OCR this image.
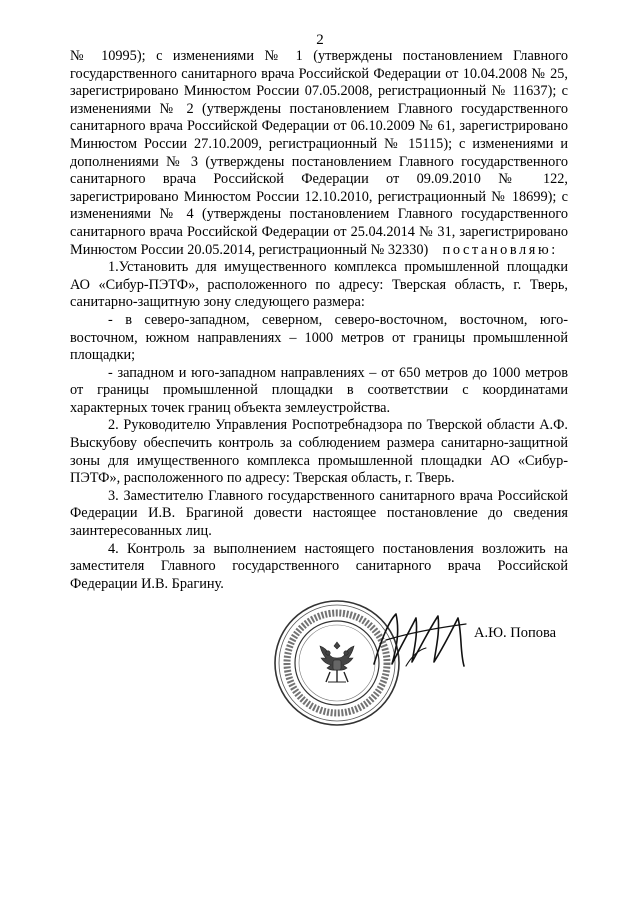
2

№ 10995); с изменениями № 1 (утверждены постановлением Главного государственного санитарного врача Российской Федерации от 10.04.2008 № 25, зарегистрировано Минюстом России 07.05.2008, регистрационный № 11637); с изменениями № 2 (утверждены постановлением Главного государственного санитарного врача Российской Федерации от 06.10.2009 № 61, зарегистрировано Минюстом России 27.10.2009, регистрационный № 15115); с изменениями и дополнениями № 3 (утверждены постановлением Главного государственного санитарного врача Российской Федерации от 09.09.2010 № 122, зарегистрировано Минюстом России 12.10.2010, регистрационный № 18699); с изменениями № 4 (утверждены постановлением Главного государственного санитарного врача Российской Федерации от 25.04.2014 № 31, зарегистрировано Минюстом России 20.05.2014, регистрационный № 32330) постановляю:

1.Установить для имущественного комплекса промышленной площадки АО «Сибур-ПЭТФ», расположенного по адресу: Тверская область, г. Тверь, санитарно-защитную зону следующего размера:

- в северо-западном, северном, северо-восточном, восточном, юго-восточном, южном направлениях – 1000 метров от границы промышленной площадки;

- западном и юго-западном направлениях – от 650 метров до 1000 метров от границы промышленной площадки в соответствии с координатами характерных точек границ объекта землеустройства.

2. Руководителю Управления Роспотребнадзора по Тверской области А.Ф. Выскубову обеспечить контроль за соблюдением размера санитарно-защитной зоны для имущественного комплекса промышленной площадки АО «Сибур-ПЭТФ», расположенного по адресу: Тверская область, г. Тверь.

3. Заместителю Главного государственного санитарного врача Российской Федерации И.В. Брагиной довести настоящее постановление до сведения заинтересованных лиц.

4. Контроль за выполнением настоящего постановления возложить на заместителя Главного государственного санитарного врача Российской Федерации И.В. Брагину.

А.Ю. Попова
